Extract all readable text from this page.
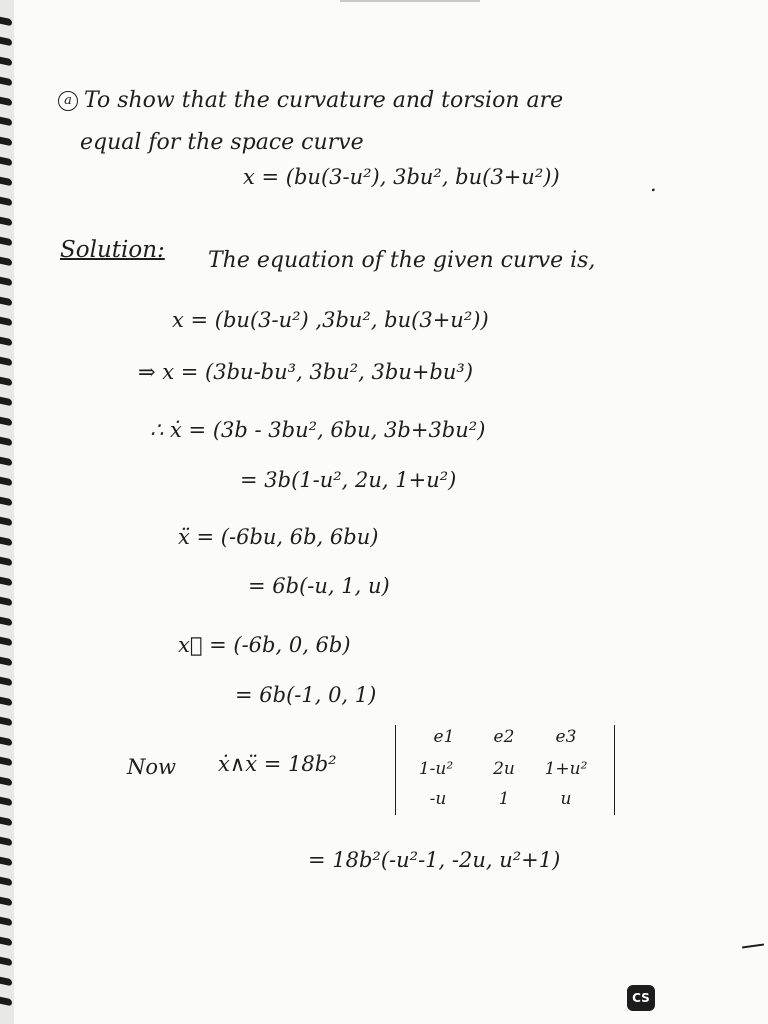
a To show that the curvature and torsion are
equal for the space curve
x = (bu(3-u²), 3bu², bu(3+u²))	.
Solution: The equation of the given curve is,
x = (bu(3-u²) ,3bu², bu(3+u²))
⇒ x = (3bu-bu³, 3bu², 3bu+bu³)
∴ ẋ = (3b - 3bu², 6bu, 3b+3bu²)
= 3b(1-u², 2u, 1+u²)
ẍ = (-6bu, 6b, 6bu)
= 6b(-u, 1, u)
x⃛ = (-6b, 0, 6b)
= 6b(-1, 0, 1)
Now ẋ∧ẍ = 18b²
e1	e2	e3
1-u²	2u	1+u²
-u	1	u
= 18b²(-u²-1, -2u, u²+1)
CS
